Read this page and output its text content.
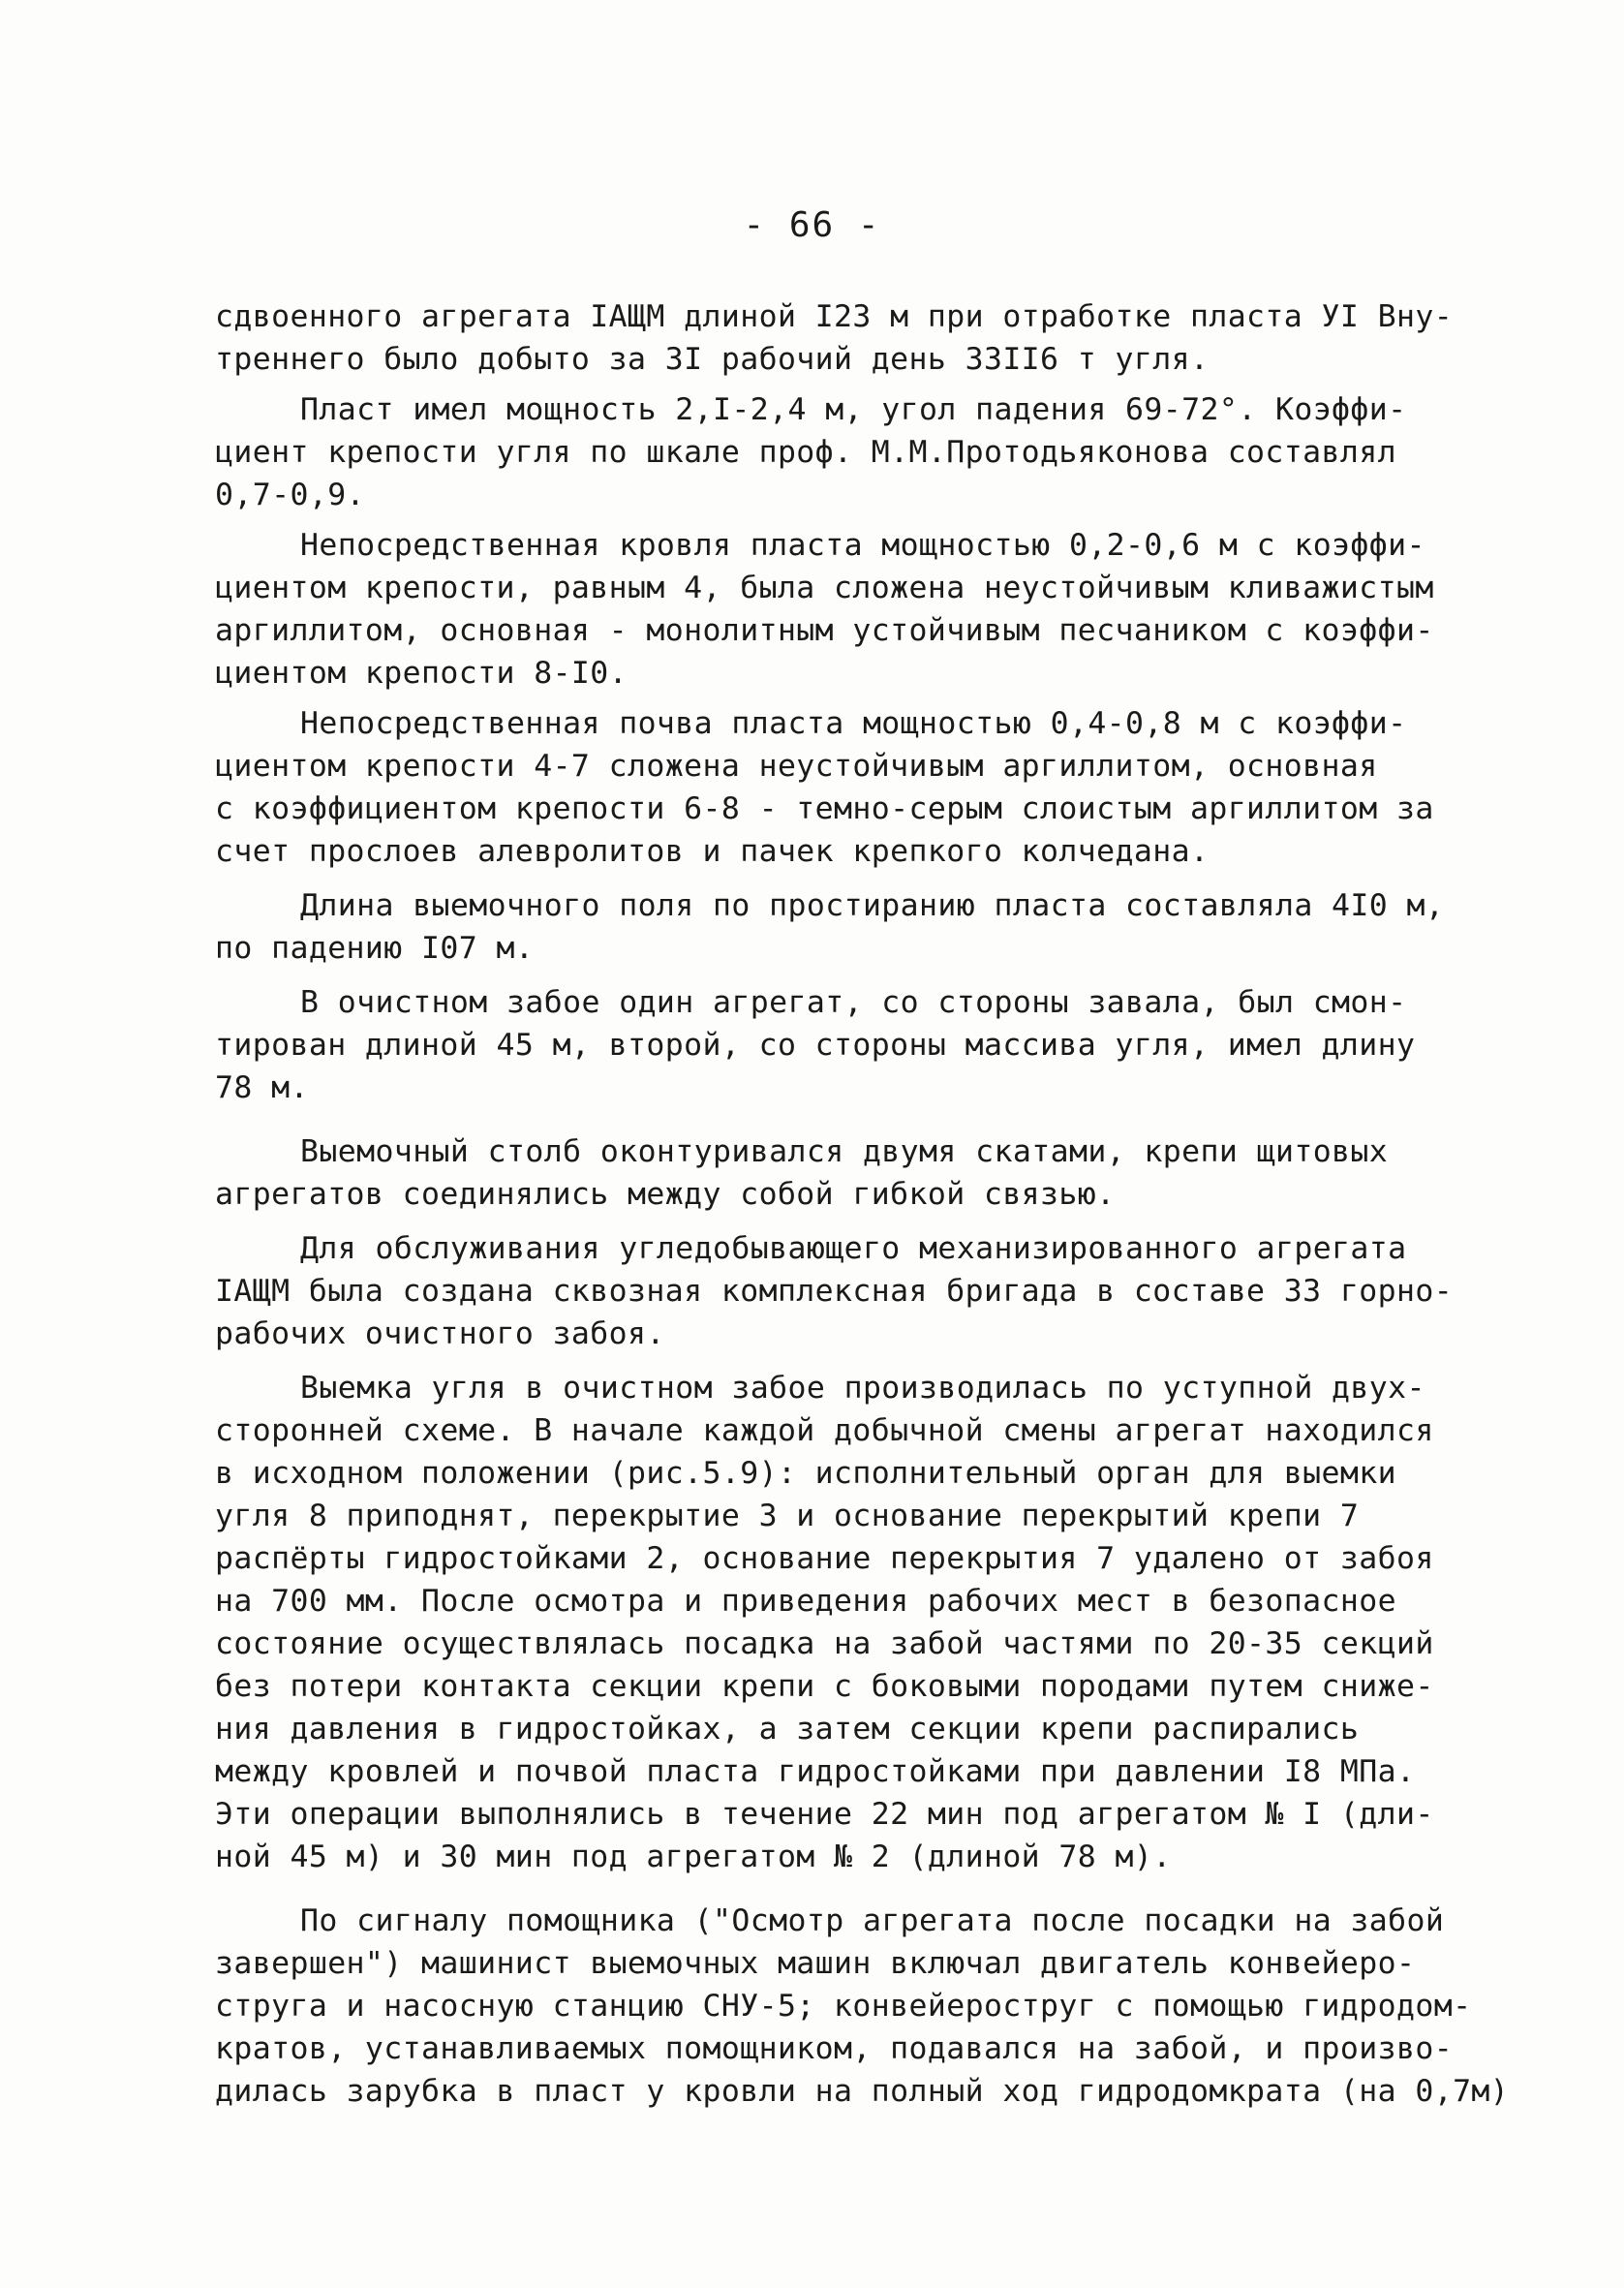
- 66 -
сдвоенного агрегата IАЩМ длиной I23 м при отработке пласта УI Вну-
треннего было добыто за 3I рабочий день 33II6 т угля.
Пласт имел мощность 2,I-2,4 м, угол падения 69-72°. Коэффи-
циент крепости угля по шкале проф. М.М.Протодьяконова составлял
0,7-0,9.
Непосредственная кровля пласта мощностью 0,2-0,6 м с коэффи-
циентом крепости, равным 4, была сложена неустойчивым кливажистым
аргиллитом, основная - монолитным устойчивым песчаником с коэффи-
циентом крепости 8-I0.
Непосредственная почва пласта мощностью 0,4-0,8 м с коэффи-
циентом крепости 4-7 сложена неустойчивым аргиллитом, основная
с коэффициентом крепости 6-8 - темно-серым слоистым аргиллитом за
счет прослоев алевролитов и пачек крепкого колчедана.
Длина выемочного поля по простиранию пласта составляла 4I0 м,
по падению I07 м.
В очистном забое один агрегат, со стороны завала, был смон-
тирован длиной 45 м, второй, со стороны массива угля, имел длину
78 м.
Выемочный столб оконтуривался двумя скатами, крепи щитовых
агрегатов соединялись между собой гибкой связью.
Для обслуживания угледобывающего механизированного агрегата
IАЩМ была создана сквозная комплексная бригада в составе 33 горно-
рабочих очистного забоя.
Выемка угля в очистном забое производилась по уступной двух-
сторонней схеме. В начале каждой добычной смены агрегат находился
в исходном положении (рис.5.9): исполнительный орган для выемки
угля 8 приподнят, перекрытие 3 и основание перекрытий крепи 7
распёрты гидростойками 2, основание перекрытия 7 удалено от забоя
на 700 мм. После осмотра и приведения рабочих мест в безопасное
состояние осуществлялась посадка на забой частями по 20-35 секций
без потери контакта секции крепи с боковыми породами путем сниже-
ния давления в гидростойках, а затем секции крепи распирались
между кровлей и почвой пласта гидростойками при давлении I8 МПа.
Эти операции выполнялись в течение 22 мин под агрегатом № I (дли-
ной 45 м) и 30 мин под агрегатом № 2 (длиной 78 м).
По сигналу помощника ("Осмотр агрегата после посадки на забой
завершен") машинист выемочных машин включал двигатель конвейеро-
струга и насосную станцию СНУ-5; конвейероструг с помощью гидродом-
кратов, устанавливаемых помощником, подавался на забой, и произво-
дилась зарубка в пласт у кровли на полный ход гидродомкрата (на 0,7м)
